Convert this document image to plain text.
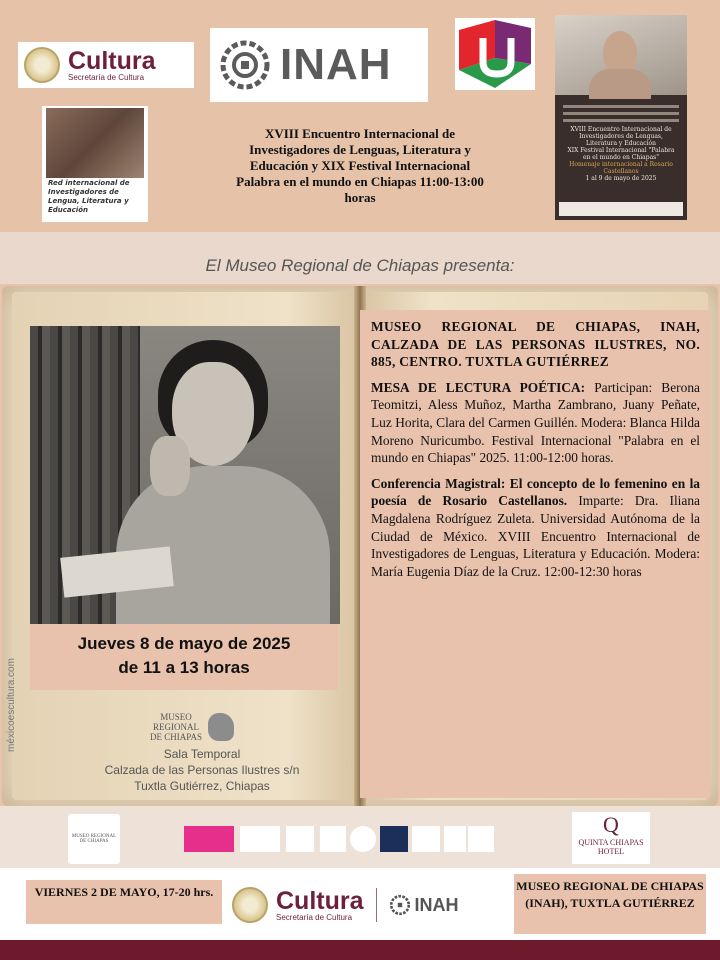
Cultura
Secretaría de Cultura	INAH
XVIII Encuentro Internacional de Investigadores de Lenguas, Literatura y Educación
XIX Festival Internacional "Palabra en el mundo en Chiapas"
Homenaje internacional a Rosario Castellanos
1 al 9 de mayo de 2025
Red internacional de Investigadores de Lengua, Literatura y Educación
XVIII Encuentro Internacional de Investigadores de Lenguas, Literatura y Educación y XIX Festival Internacional Palabra en el mundo en Chiapas 11:00-13:00 horas
El Museo Regional de Chiapas presenta:
Jueves 8 de mayo de 2025
de 11 a 13 horas
méxicoescultura.com	MUSEO REGIONAL DE CHIAPAS
Sala Temporal
Calzada de las Personas Ilustres s/n
Tuxtla Gutiérrez, Chiapas

MUSEO REGIONAL DE CHIAPAS, INAH, CALZADA DE LAS PERSONAS ILUSTRES, NO. 885, CENTRO. TUXTLA GUTIÉRREZ

MESA DE LECTURA POÉTICA: Participan: Berona Teomitzi, Aless Muñoz, Martha Zambrano, Juany Peñate, Luz Horita, Clara del Carmen Guillén. Modera: Blanca Hilda Moreno Nuricumbo. Festival Internacional "Palabra en el mundo en Chiapas" 2025. 11:00-12:00 horas.

Conferencia Magistral: El concepto de lo femenino en la poesía de Rosario Castellanos. Imparte: Dra. Iliana Magdalena Rodríguez Zuleta. Universidad Autónoma de la Ciudad de México. XVIII Encuentro Internacional de Investigadores de Lenguas, Literatura y Educación. Modera: María Eugenia Díaz de la Cruz. 12:00-12:30 horas

MUSEO REGIONAL DE CHIAPAS
Q
QUINTA CHIAPAS
HOTEL
VIERNES 2 DE MAYO, 17-20 hrs.	Cultura
Secretaría de Cultura
INAH
MUSEO REGIONAL DE CHIAPAS (INAH), TUXTLA GUTIÉRREZ
